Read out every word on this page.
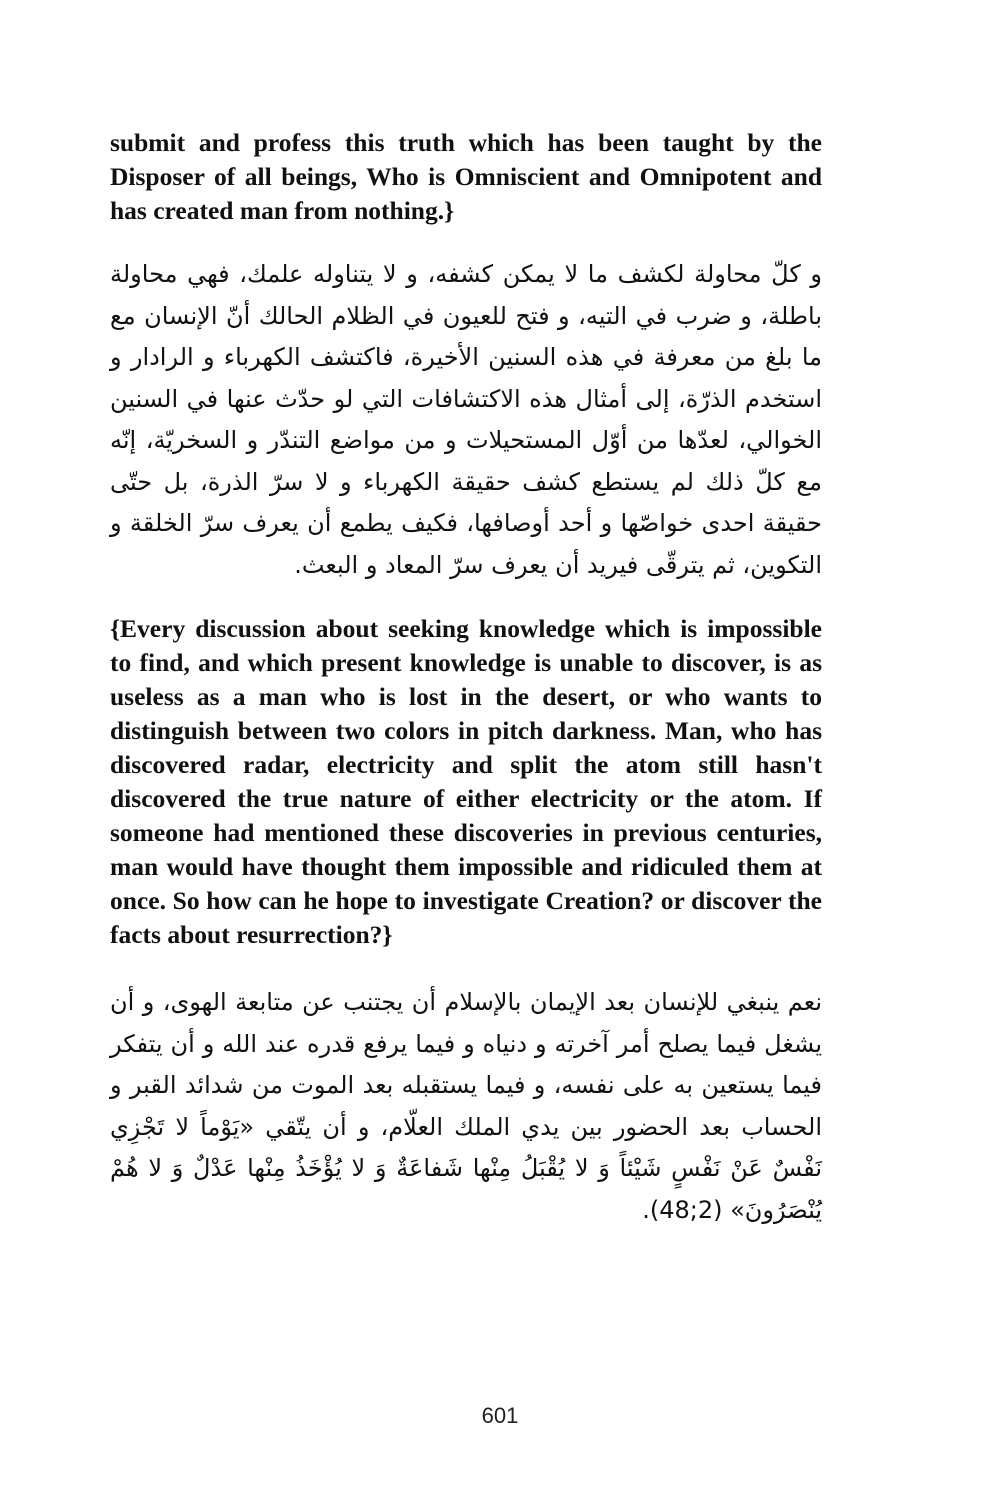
submit and profess this truth which has been taught by the Disposer of all beings, Who is Omniscient and Omnipotent and has created man from nothing.}

و كلّ محاولة لكشف ما لا يمكن كشفه، و لا يتناوله علمك، فهي محاولة باطلة، و ضرب في التيه، و فتح للعيون في الظلام الحالك أنّ الإنسان مع ما بلغ من معرفة في هذه السنين الأخيرة، فاكتشف الكهرباء و الرادار و استخدم الذرّة، إلى أمثال هذه الاكتشافات التي لو حدّث عنها في السنين الخوالي، لعدّها من أوّل المستحيلات و من مواضع التندّر و السخريّة، إنّه مع كلّ ذلك لم يستطع كشف حقيقة الكهرباء و لا سرّ الذرة، بل حتّى حقيقة احدى خواصّها و أحد أوصافها، فكيف يطمع أن يعرف سرّ الخلقة و التكوين، ثم يترقّى فيريد أن يعرف سرّ المعاد و البعث.

{Every discussion about seeking knowledge which is impossible to find, and which present knowledge is unable to discover, is as useless as a man who is lost in the desert, or who wants to distinguish between two colors in pitch darkness. Man, who has discovered radar, electricity and split the atom still hasn't discovered the true nature of either electricity or the atom. If someone had mentioned these discoveries in previous centuries, man would have thought them impossible and ridiculed them at once. So how can he hope to investigate Creation? or discover the facts about resurrection?}

نعم ينبغي للإنسان بعد الإيمان بالإسلام أن يجتنب عن متابعة الهوى، و أن يشغل فيما يصلح أمر آخرته و دنياه و فيما يرفع قدره عند الله و أن يتفكر فيما يستعين به على نفسه، و فيما يستقبله بعد الموت من شدائد القبر و الحساب بعد الحضور بين يدي الملك العلّام، و أن يتّقي «يَوْماً لا تَجْزِي نَفْسٌ عَنْ نَفْسٍ شَيْئاً وَ لا يُقْبَلُ مِنْها شَفاعَةٌ وَ لا يُؤْخَذُ مِنْها عَدْلٌ وَ لا هُمْ يُنْصَرُونَ» (2;48).

601
